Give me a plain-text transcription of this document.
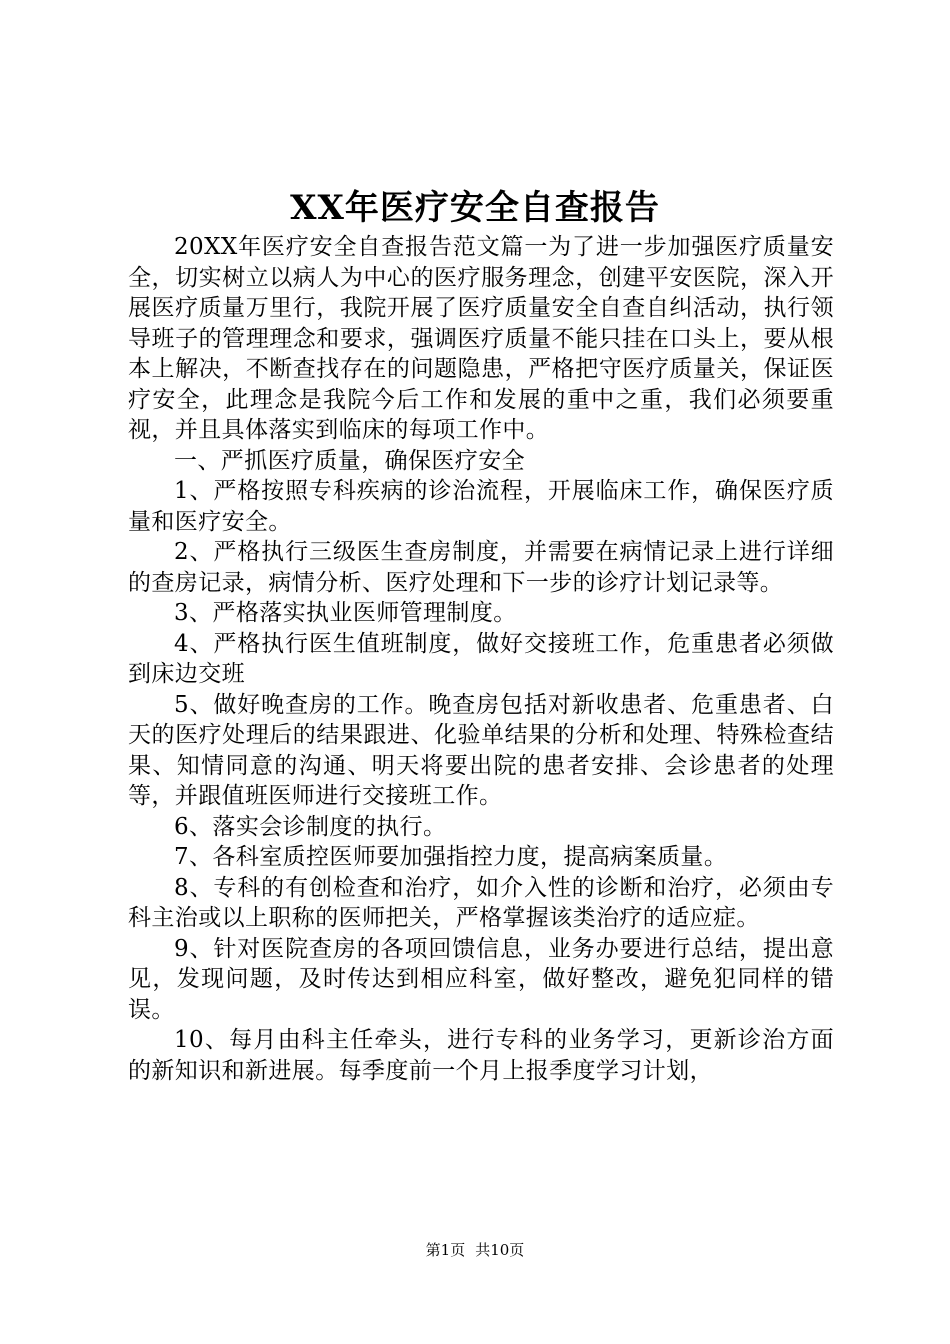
XX年医疗安全自查报告

20XX年医疗安全自查报告范文篇一为了进一步加强医疗质量安全，切实树立以病人为中心的医疗服务理念，创建平安医院，深入开展医疗质量万里行，我院开展了医疗质量安全自查自纠活动，执行领导班子的管理理念和要求，强调医疗质量不能只挂在口头上，要从根本上解决，不断查找存在的问题隐患，严格把守医疗质量关，保证医疗安全，此理念是我院今后工作和发展的重中之重，我们必须要重视，并且具体落实到临床的每项工作中。

一、严抓医疗质量，确保医疗安全

1、严格按照专科疾病的诊治流程，开展临床工作，确保医疗质量和医疗安全。

2、严格执行三级医生查房制度，并需要在病情记录上进行详细的查房记录，病情分析、医疗处理和下一步的诊疗计划记录等。

3、严格落实执业医师管理制度。

4、严格执行医生值班制度，做好交接班工作，危重患者必须做到床边交班

5、做好晚查房的工作。晚查房包括对新收患者、危重患者、白天的医疗处理后的结果跟进、化验单结果的分析和处理、特殊检查结果、知情同意的沟通、明天将要出院的患者安排、会诊患者的处理等，并跟值班医师进行交接班工作。

6、落实会诊制度的执行。

7、各科室质控医师要加强指控力度，提高病案质量。

8、专科的有创检查和治疗，如介入性的诊断和治疗，必须由专科主治或以上职称的医师把关，严格掌握该类治疗的适应症。

9、针对医院查房的各项回馈信息，业务办要进行总结，提出意见，发现问题，及时传达到相应科室，做好整改，避免犯同样的错误。

10、每月由科主任牵头，进行专科的业务学习，更新诊治方面的新知识和新进展。每季度前一个月上报季度学习计划，

第1页 共10页
